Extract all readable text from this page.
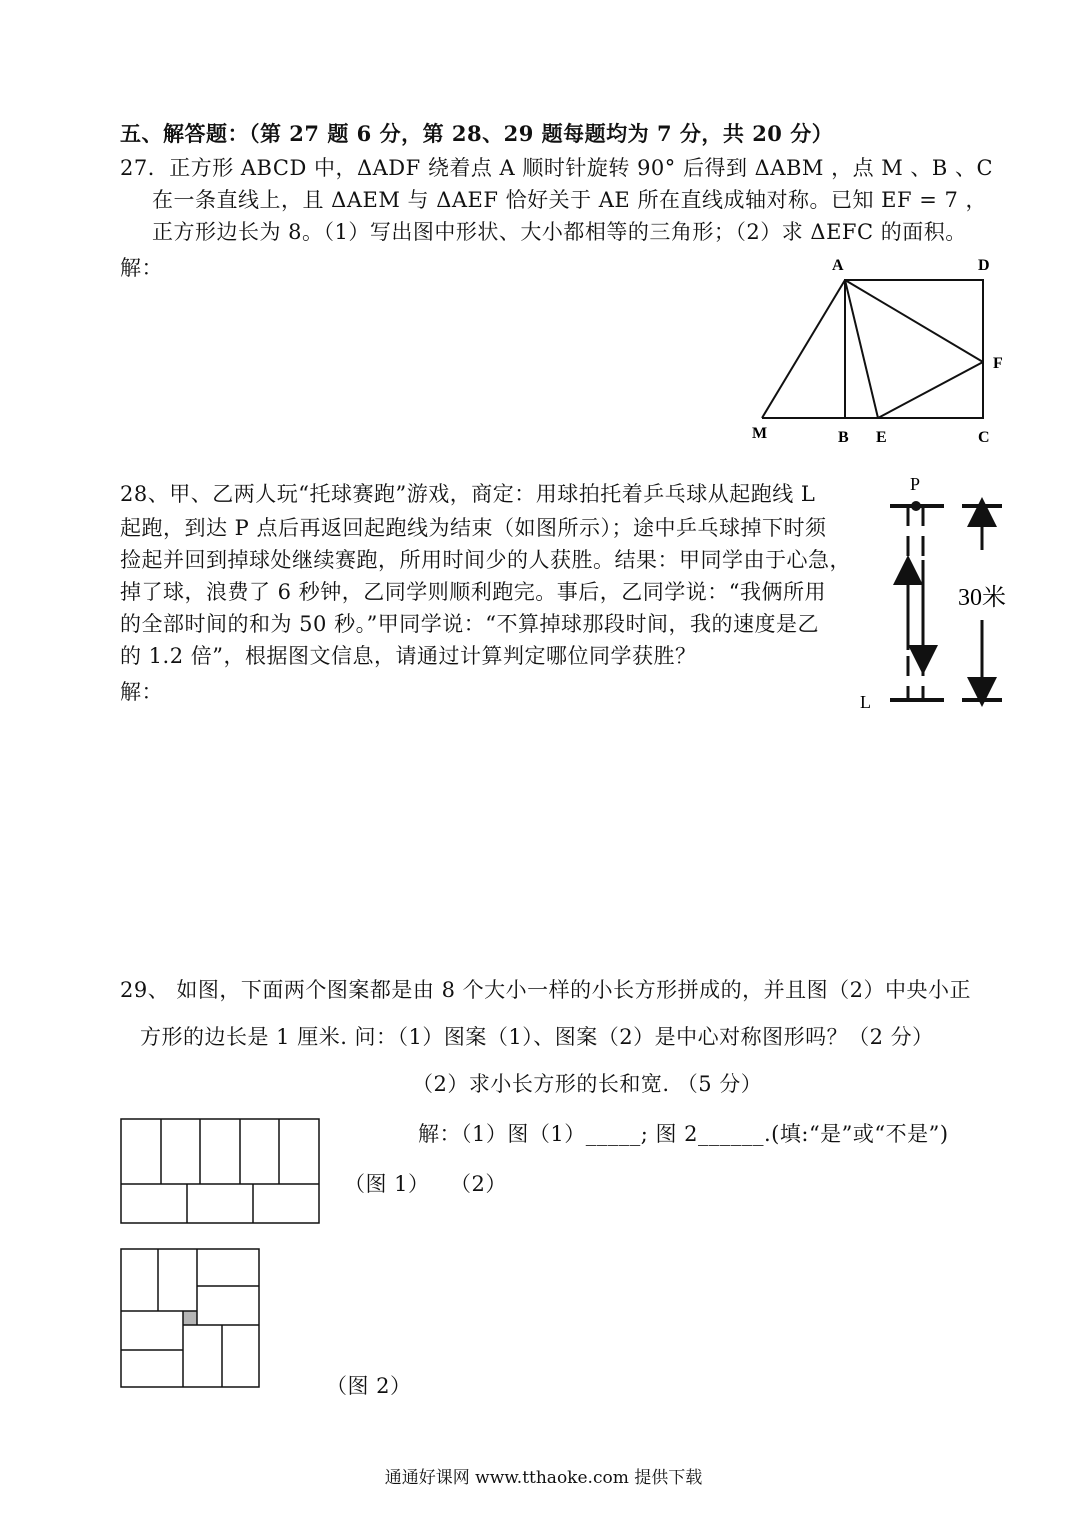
五、解答题：（第 27 题 6 分，第 28、29 题每题均为 7 分，共 20 分）
27．正方形 ABCD 中，ΔADF 绕着点 A 顺时针旋转 90° 后得到 ΔABM ，点 M 、B 、C
在一条直线上，且 ΔAEM 与 ΔAEF 恰好关于 AE 所在直线成轴对称。已知 EF = 7 ，
正方形边长为 8。（1）写出图中形状、大小都相等的三角形；（2）求 ΔEFC 的面积。
解：	A	D
F
M	B E	C
28、甲、乙两人玩“托球赛跑”游戏，商定：用球拍托着乒乓球从起跑线 L
起跑，到达 P 点后再返回起跑线为结束（如图所示）；途中乒乓球掉下时须
捡起并回到掉球处继续赛跑，所用时间少的人获胜。结果：甲同学由于心急，
掉了球，浪费了 6 秒钟，乙同学则顺利跑完。事后，乙同学说：“我俩所用
的全部时间的和为 50 秒。”甲同学说：“不算掉球那段时间，我的速度是乙
的 1.2 倍”，根据图文信息，请通过计算判定哪位同学获胜？
解：
P
L
30米
29、 如图，下面两个图案都是由 8 个大小一样的小长方形拼成的，并且图（2）中央小正
方形的边长是 1 厘米. 问：（1）图案（1）、图案（2）是中心对称图形吗？（2 分）
（2）求小长方形的长和宽. （5 分）
解：（1）图（1）_____; 图 2______.(填:“是”或“不是”)
（图 1） （2）
（图 2）
通通好课网 www.tthaoke.com 提供下载
